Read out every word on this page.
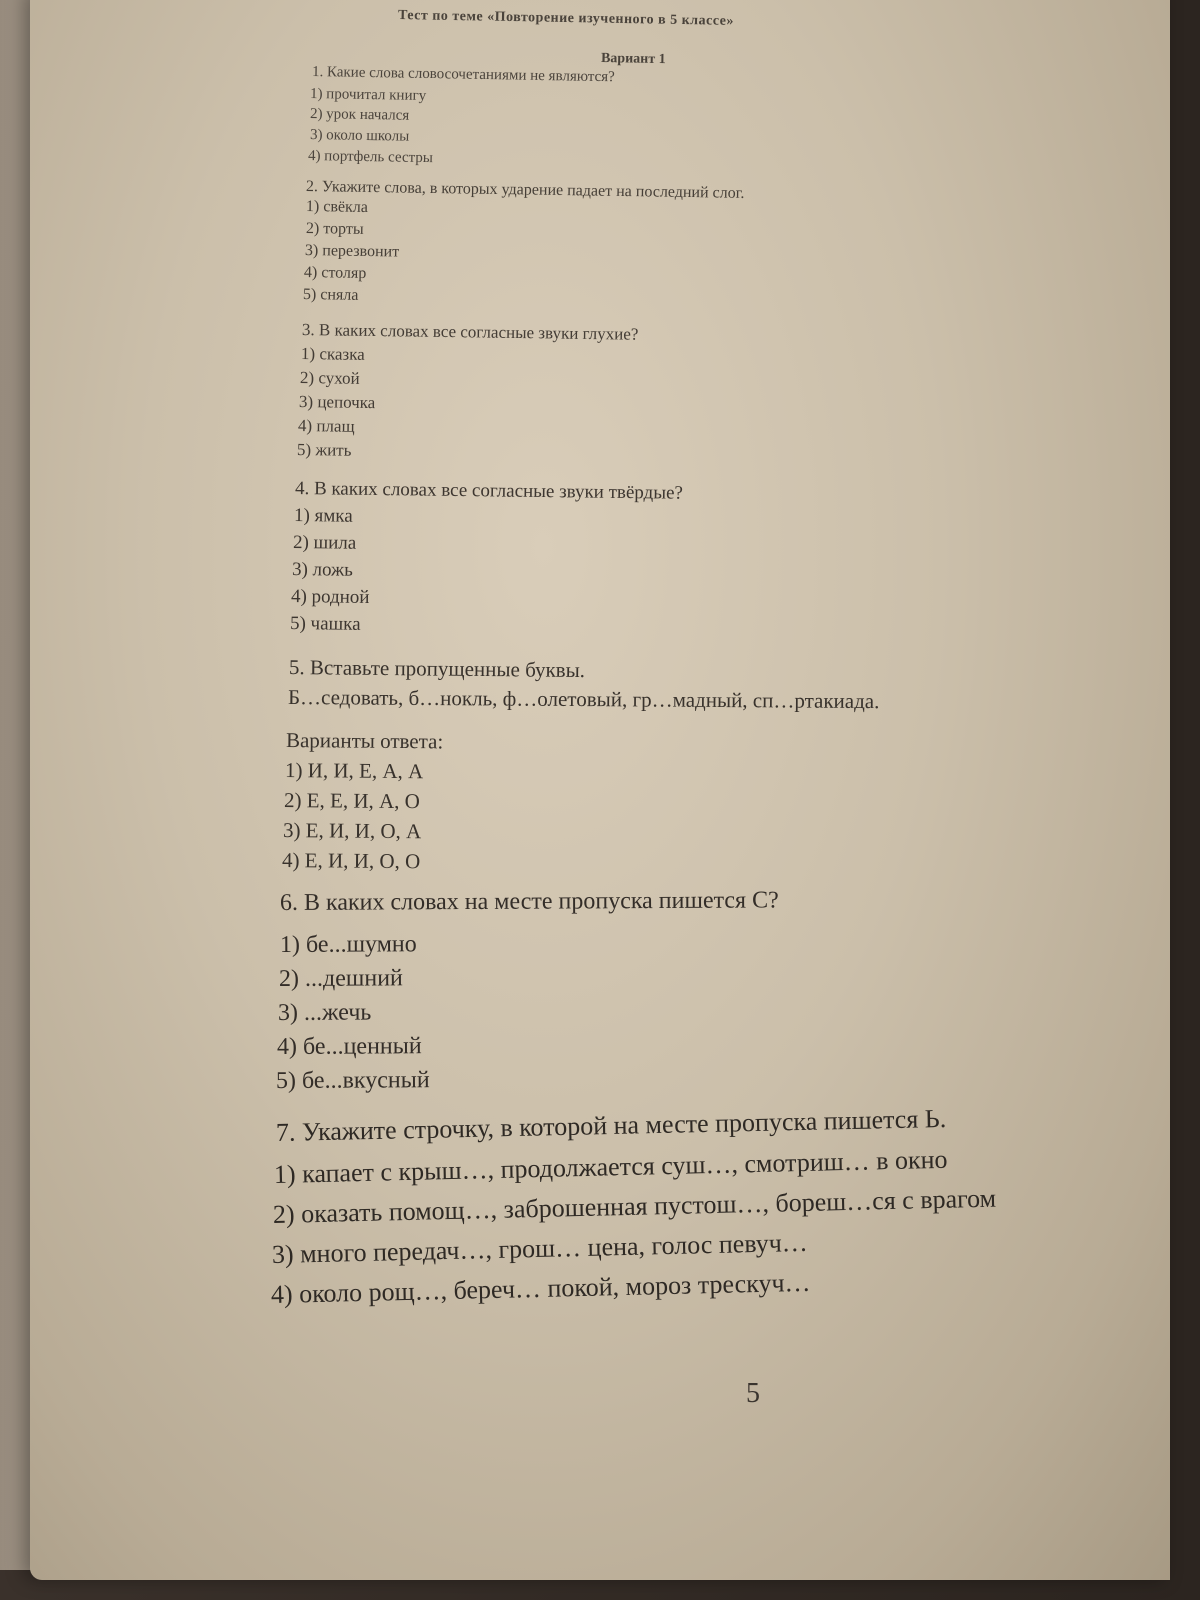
Тест по теме «Повторение изученного в 5 классе»
Вариант 1
1. Какие слова словосочетаниями не являются?
1) прочитал книгу
2) урок начался
3) около школы
4) портфель сестры
2. Укажите слова, в которых ударение падает на последний слог.
1) свёкла
2) торты
3) перезвонит
4) столяр
5) сняла
3. В каких словах все согласные звуки глухие?
1) сказка
2) сухой
3) цепочка
4) плащ
5) жить
4. В каких словах все согласные звуки твёрдые?
1) ямка
2) шила
3) ложь
4) родной
5) чашка
5. Вставьте пропущенные буквы.
Б…седовать, б…нокль, ф…олетовый, гр…мадный, сп…ртакиада.
Варианты ответа:
1) И, И, Е, А, А
2) Е, Е, И, А, О
3) Е, И, И, О, А
4) Е, И, И, О, О
6. В каких словах на месте пропуска пишется С?
1) бе...шумно
2) ...дешний
3) ...жечь
4) бе...ценный
5) бе...вкусный
7. Укажите строчку, в которой на месте пропуска пишется Ь.
1) капает с крыш…, продолжается суш…, смотриш… в окно
2) оказать помощ…, заброшенная пустош…, бореш…ся с врагом
3) много передач…, грош… цена, голос певуч…
4) около рощ…, береч… покой, мороз трескуч…
5
